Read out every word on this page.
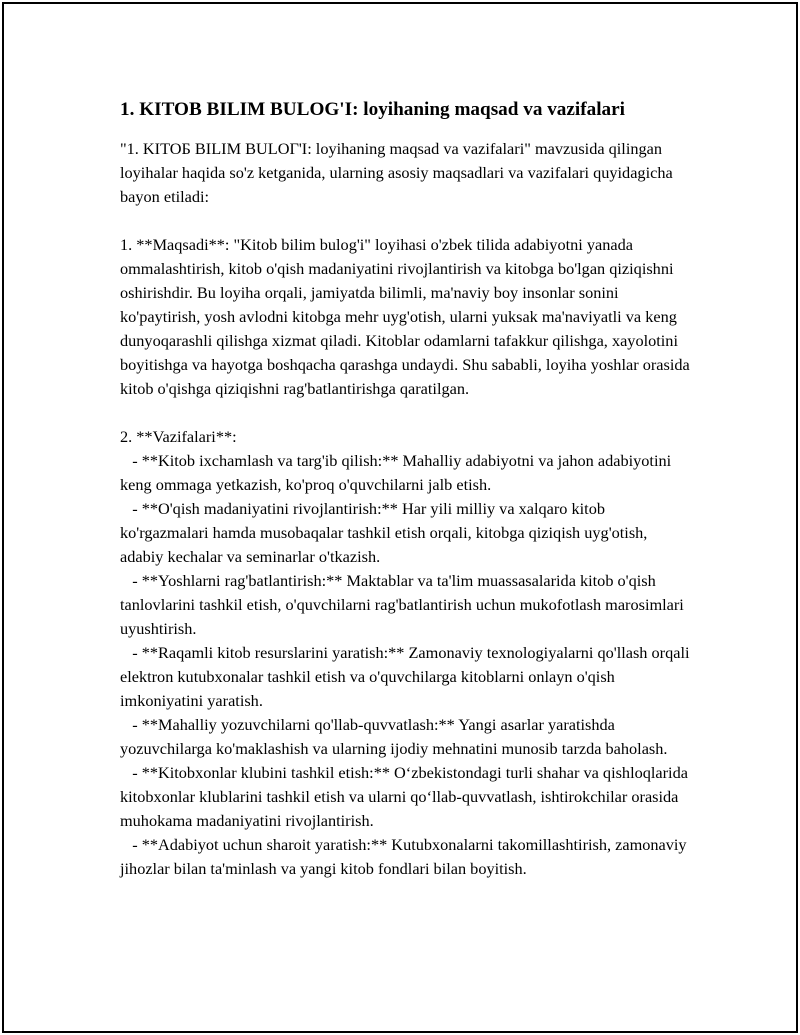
1. KITOB BILIM BULOG'I: loyihaning maqsad va vazifalari

"1. KITOБ BILIM BULOГ'I: loyihaning maqsad va vazifalari" mavzusida qilingan loyihalar haqida so'z ketganida, ularning asosiy maqsadlari va vazifalari quyidagicha bayon etiladi:

1. **Maqsadi**: "Kitob bilim bulog'i" loyihasi o'zbek tilida adabiyotni yanada ommalashtirish, kitob o'qish madaniyatini rivojlantirish va kitobga bo'lgan qiziqishni oshirishdir. Bu loyiha orqali, jamiyatda bilimli, ma'naviy boy insonlar sonini ko'paytirish, yosh avlodni kitobga mehr uyg'otish, ularni yuksak ma'naviyatli va keng dunyoqarashli qilishga xizmat qiladi. Kitoblar odamlarni tafakkur qilishga, xayolotini boyitishga va hayotga boshqacha qarashga undaydi. Shu sababli, loyiha yoshlar orasida kitob o'qishga qiziqishni rag'batlantirishga qaratilgan.

2. **Vazifalari**:

- **Kitob ixchamlash va targ'ib qilish:** Mahalliy adabiyotni va jahon adabiyotini keng ommaga yetkazish, ko'proq o'quvchilarni jalb etish.

- **O'qish madaniyatini rivojlantirish:** Har yili milliy va xalqaro kitob ko'rgazmalari hamda musobaqalar tashkil etish orqali, kitobga qiziqish uyg'otish, adabiy kechalar va seminarlar o'tkazish.

- **Yoshlarni rag'batlantirish:** Maktablar va ta'lim muassasalarida kitob o'qish tanlovlarini tashkil etish, o'quvchilarni rag'batlantirish uchun mukofotlash marosimlari uyushtirish.

- **Raqamli kitob resurslarini yaratish:** Zamonaviy texnologiyalarni qo'llash orqali elektron kutubxonalar tashkil etish va o'quvchilarga kitoblarni onlayn o'qish imkoniyatini yaratish.

- **Mahalliy yozuvchilarni qo'llab-quvvatlash:** Yangi asarlar yaratishda yozuvchilarga ko'maklashish va ularning ijodiy mehnatini munosib tarzda baholash.

- **Kitobxonlar klubini tashkil etish:** O‘zbekistondagi turli shahar va qishloqlarida kitobxonlar klublarini tashkil etish va ularni qo‘llab-quvvatlash, ishtirokchilar orasida muhokama madaniyatini rivojlantirish.

- **Adabiyot uchun sharoit yaratish:** Kutubxonalarni takomillashtirish, zamonaviy jihozlar bilan ta'minlash va yangi kitob fondlari bilan boyitish.
